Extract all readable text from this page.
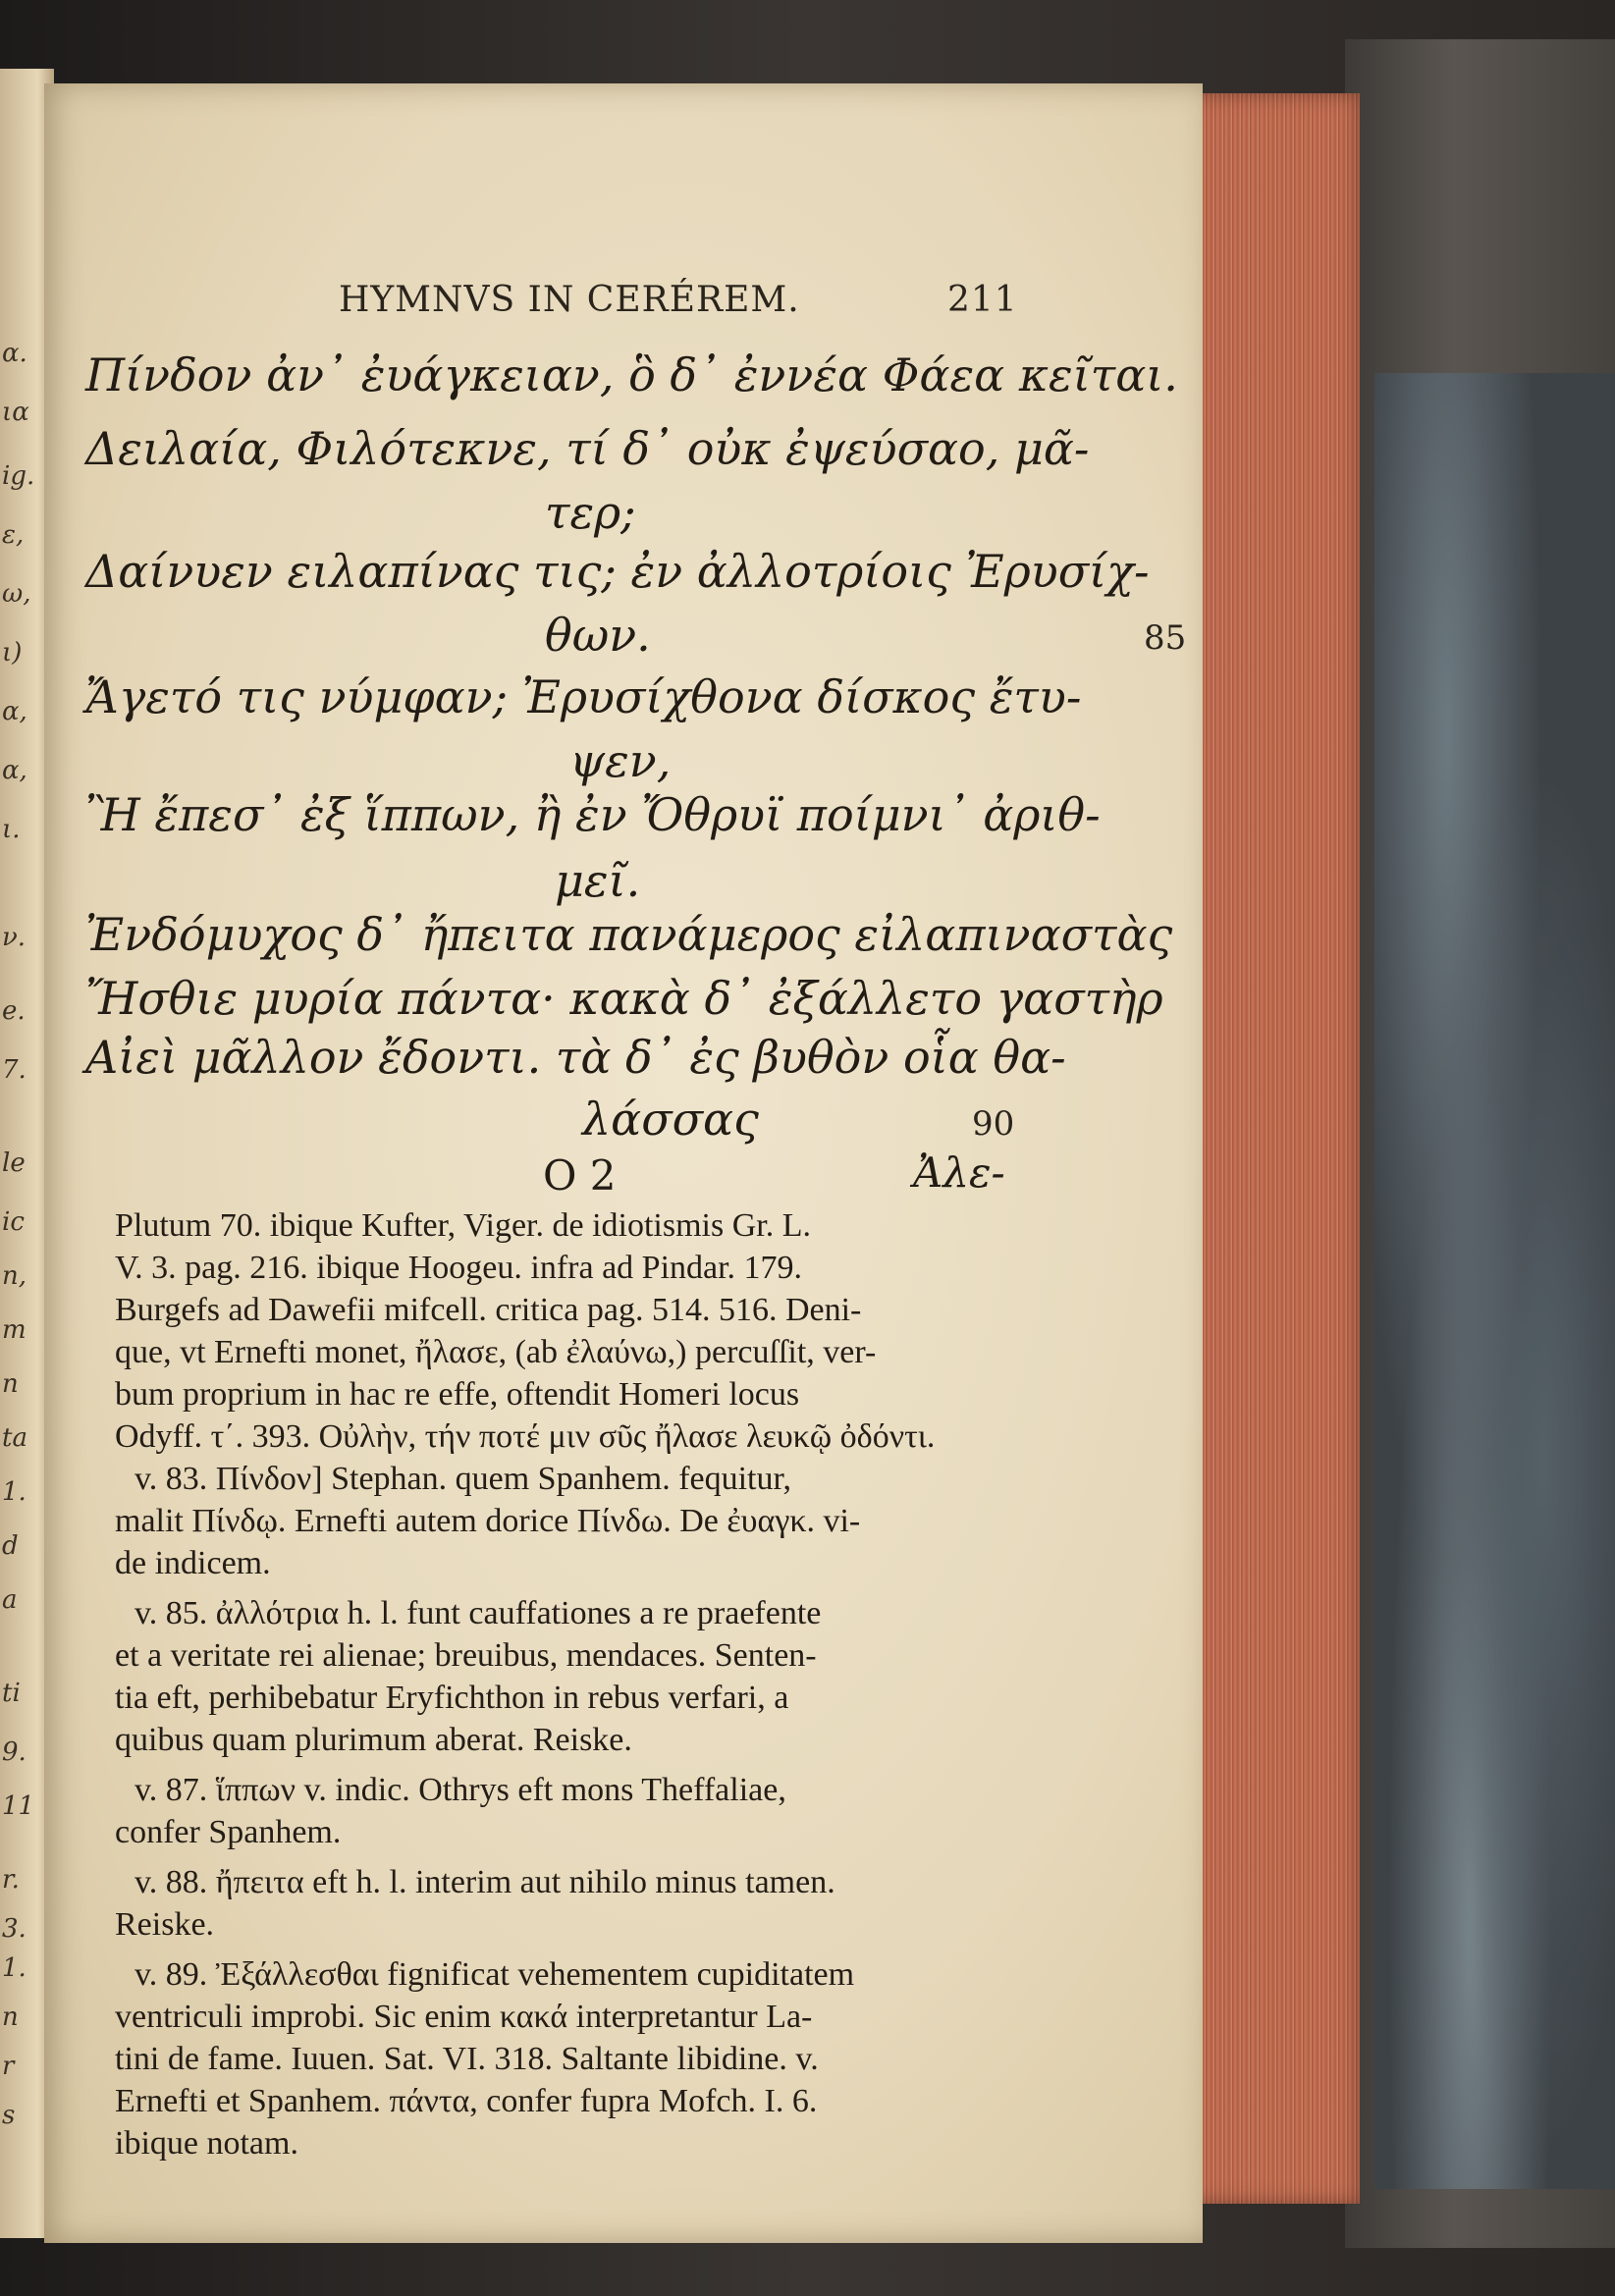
α.
ια
ig.
ε,
ω,
ι)
α,
α,
ι.
ν.
e.
7.
le
ic
n,
m
n
ta
1.
d
a
ti
9.
11
r.
3.
1.
n
r
s
HYMNVS IN CERÉREM.	211
Πίνδον ἀν᾽ ἐυάγκειαν, ὃ δ᾽ ἐννέα Φάεα κεῖται.
Δειλαία, Φιλότεκνε, τί δ᾽ οὐκ ἐψεύσαο, μᾶ-
τερ;
Δαίνυεν ειλαπίνας τις; ἐν ἀλλοτρίοις Ἐρυσίχ-
θων.	85
Ἄγετό τις νύμφαν; Ἐρυσίχθονα δίσκος ἔτυ-
ψεν,
Ἢ ἔπεσ᾽ ἐξ ἵππων, ἢ ἐν Ὄθρυϊ ποίμνι᾽ ἀριθ-
μεῖ.
Ἐνδόμυχος δ᾽ ἤπειτα πανάμερος εἰλαπιναστὰς
Ἤσθιε μυρία πάντα· κακὰ δ᾽ ἐξάλλετο γαστὴρ
Αἰεὶ μᾶλλον ἔδοντι. τὰ δ᾽ ἐς βυθὸν οἷα θα-
λάσσας	90
O 2	Ἀλε-
Plutum 70. ibique Kufter, Viger. de idiotismis Gr. L.
V. 3. pag. 216. ibique Hoogeu. infra ad Pindar. 179.
Burgefs ad Dawefii mifcell. critica pag. 514. 516. Deni-
que, vt Ernefti monet, ἤλασε, (ab ἐλαύνω,) percuſſit, ver-
bum proprium in hac re effe, oftendit Homeri locus
Odyff. τ΄. 393. Οὐλὴν, τήν ποτέ μιν σῦς ἤλασε λευκῷ ὀδόντι.
v. 83. Πίνδον] Stephan. quem Spanhem. fequitur,
malit Πίνδῳ. Ernefti autem dorice Πίνδω. De ἐυαγκ. vi-
de indicem.
v. 85. ἀλλότρια h. l. funt cauffationes a re praefente
et a veritate rei alienae; breuibus, mendaces. Senten-
tia eft, perhibebatur Eryfichthon in rebus verfari, a
quibus quam plurimum aberat. Reiske.
v. 87. ἵππων v. indic. Othrys eft mons Theffaliae,
confer Spanhem.
v. 88. ἤπειτα eft h. l. interim aut nihilo minus tamen.
Reiske.
v. 89. Ἐξάλλεσθαι fignificat vehementem cupiditatem
ventriculi improbi. Sic enim κακά interpretantur La-
tini de fame. Iuuen. Sat. VI. 318. Saltante libidine. v.
Ernefti et Spanhem. πάντα, confer fupra Mofch. I. 6.
ibique notam.
